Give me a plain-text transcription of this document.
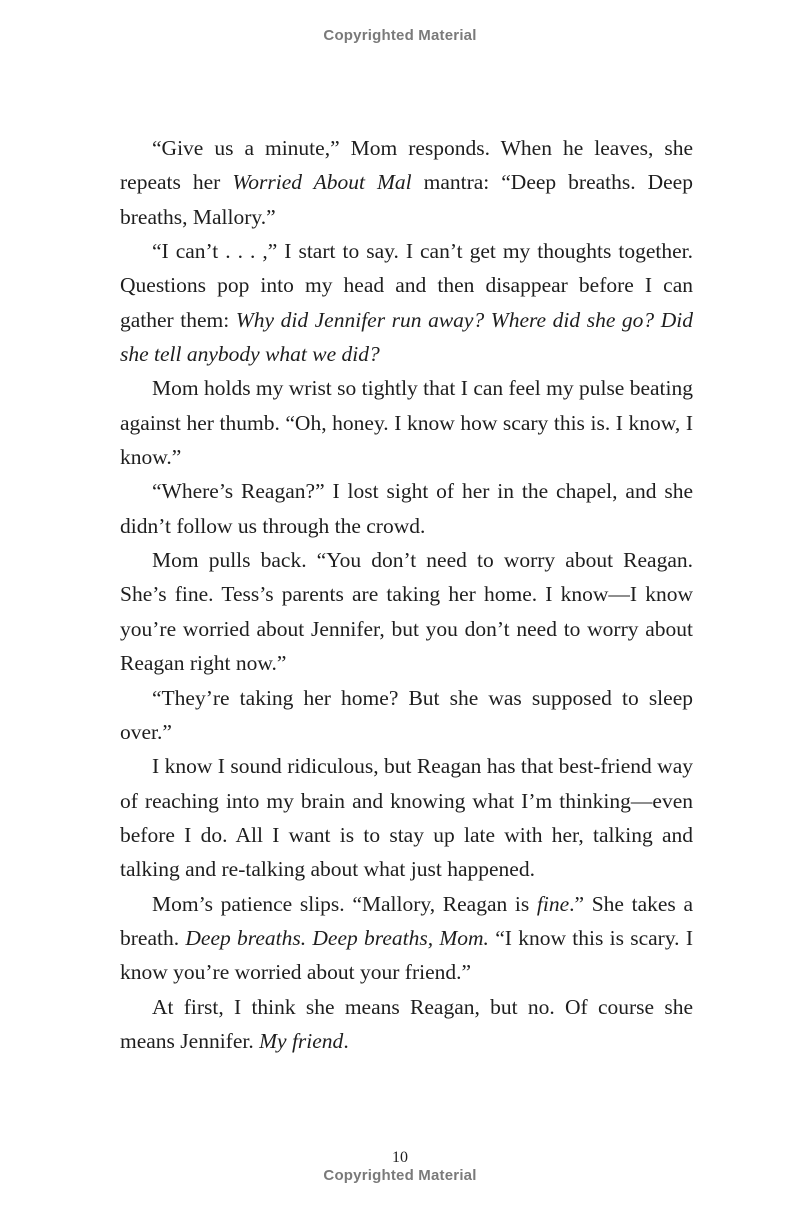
Copyrighted Material

“Give us a minute,” Mom responds. When he leaves, she repeats her Worried About Mal mantra: “Deep breaths. Deep breaths, Mallory.”

“I can’t . . . ,” I start to say. I can’t get my thoughts together. Questions pop into my head and then disappear before I can gather them: Why did Jennifer run away? Where did she go? Did she tell anybody what we did?

Mom holds my wrist so tightly that I can feel my pulse beating against her thumb. “Oh, honey. I know how scary this is. I know, I know.”

“Where’s Reagan?” I lost sight of her in the chapel, and she didn’t follow us through the crowd.

Mom pulls back. “You don’t need to worry about Reagan. She’s fine. Tess’s parents are taking her home. I know—I know you’re worried about Jennifer, but you don’t need to worry about Reagan right now.”

“They’re taking her home? But she was supposed to sleep over.”

I know I sound ridiculous, but Reagan has that best-friend way of reaching into my brain and knowing what I’m thinking—even before I do. All I want is to stay up late with her, talking and talking and re-talking about what just happened.

Mom’s patience slips. “Mallory, Reagan is fine.” She takes a breath. Deep breaths. Deep breaths, Mom. “I know this is scary. I know you’re worried about your friend.”

At first, I think she means Reagan, but no. Of course she means Jennifer. My friend.

10
Copyrighted Material
